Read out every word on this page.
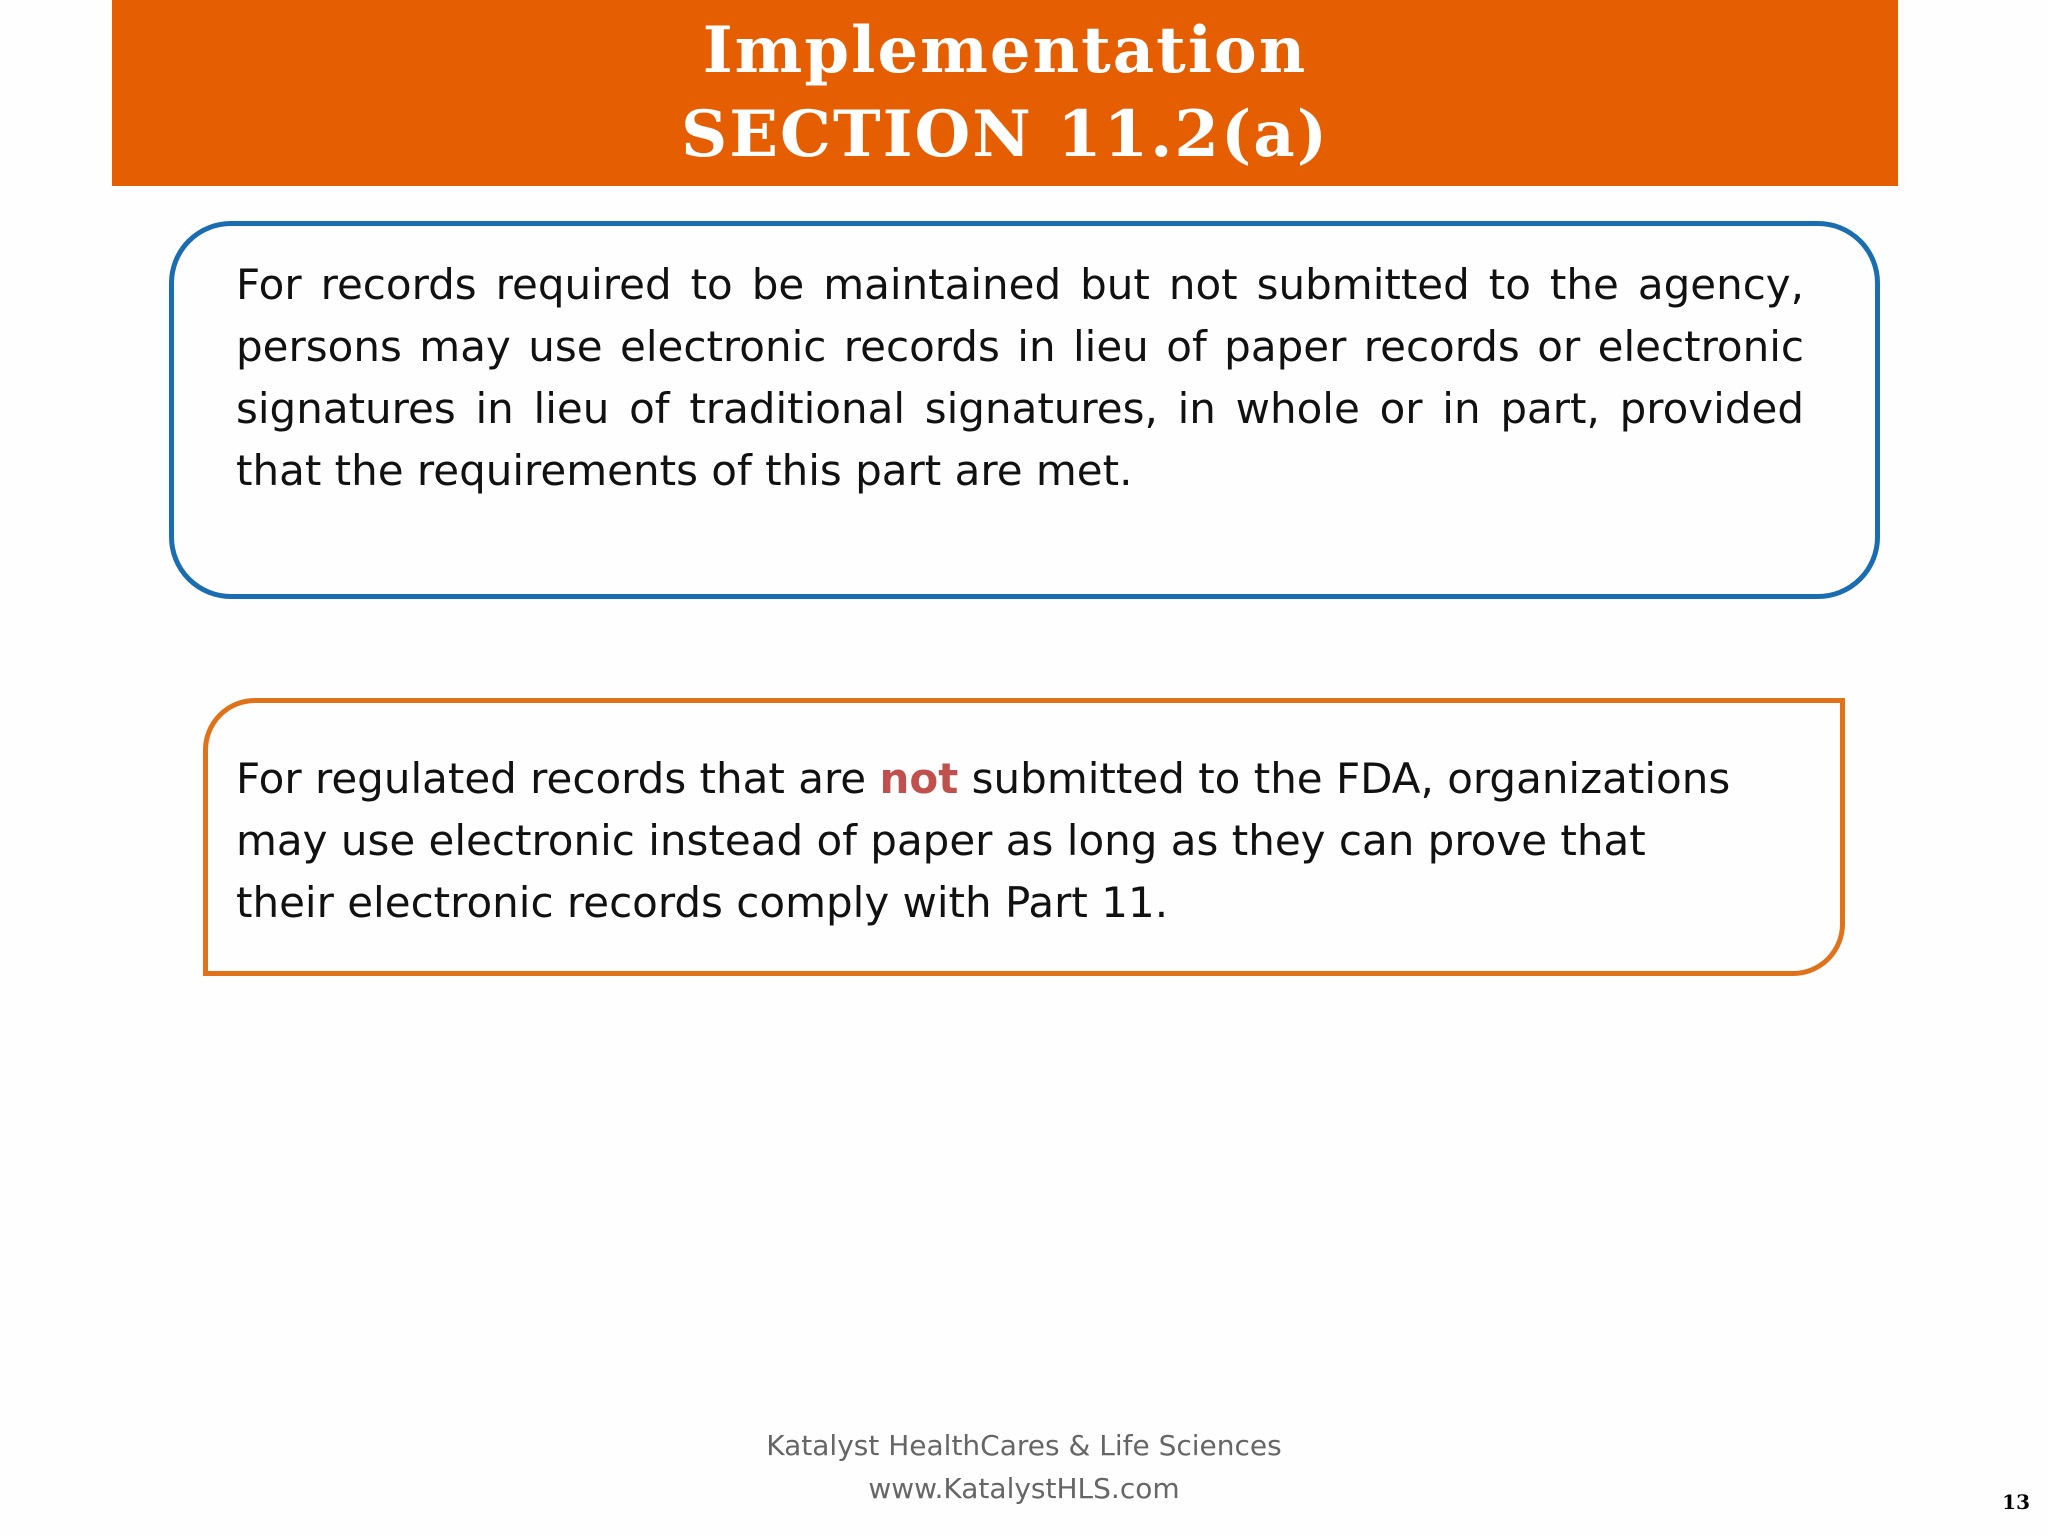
Implementation
SECTION 11.2(a)
For records required to be maintained but not submitted to the agency, persons may use electronic records in lieu of paper records or electronic signatures in lieu of traditional signatures, in whole or in part, provided that the requirements of this part are met.
For regulated records that are not submitted to the FDA, organizations may use electronic instead of paper as long as they can prove that their electronic records comply with Part 11.
Katalyst HealthCares & Life Sciences
www.KatalystHLS.com	13
